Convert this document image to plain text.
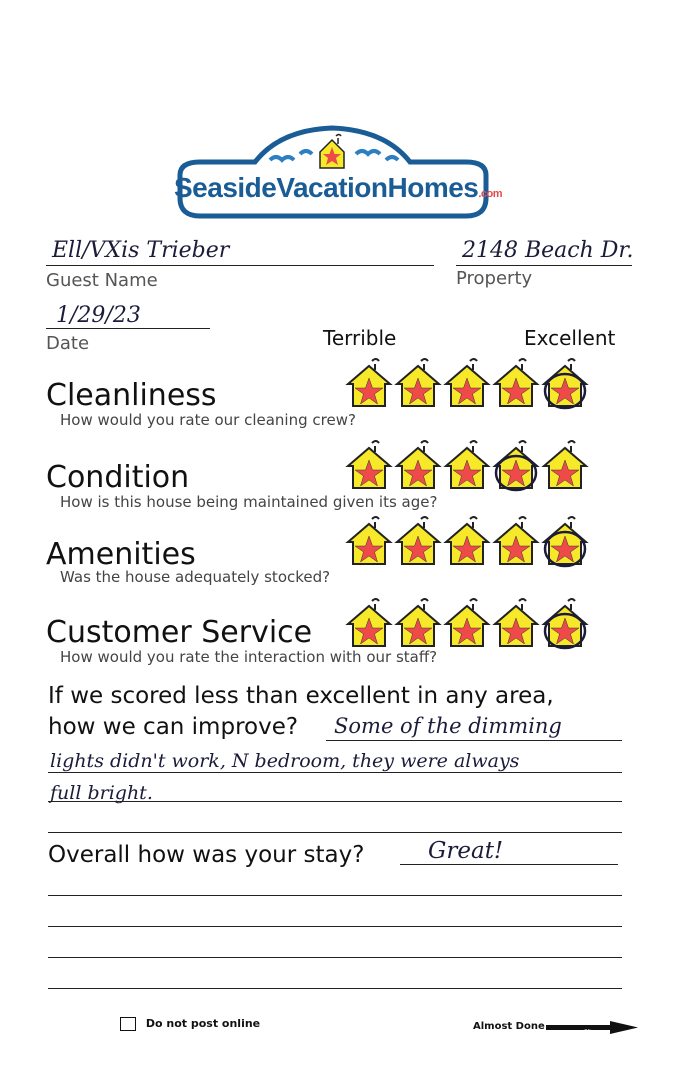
SeasideVacationHomes.com
Ell/VXis Trieber
Guest Name
2148 Beach Dr.
Property
1/29/23
Date	Terrible	Excellent
Cleanliness
How would you rate our cleaning crew?
Condition
How is this house being maintained given its age?
Amenities
Was the house adequately stocked?
Customer Service
How would you rate the interaction with our staff?
If we scored less than excellent in any area,
how we can improve? Some of the dimming
lights didn't work, N bedroom, they were always
full bright.
Overall how was your stay?	Great!
Do not post online	Almost Done
Flip
